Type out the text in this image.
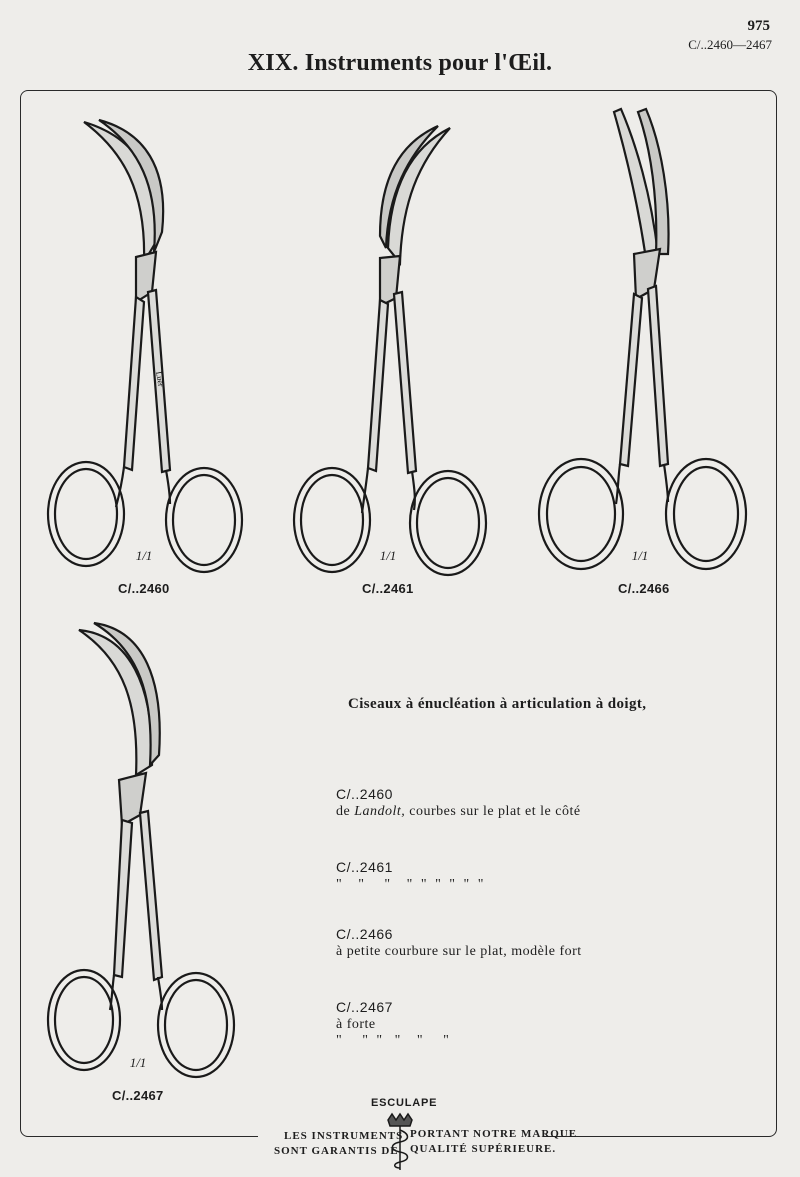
975
C/..2460—2467
XIX. Instruments pour l'Œil.
Luër
1/1
C/..2460
1/1
C/..2461
1/1
C/..2466
1/1
C/..2467
Ciseaux à énucléation à articulation à doigt,

C/..2460
de Landolt, courbes sur le plat et le côté

C/..2461
"    "     "    "  "  "  "  "  "

C/..2466
à petite courbure sur le plat, modèle fort

C/..2467
à forte
"     "  "   "    "     "

ESCULAPE
LES INSTRUMENTS
SONT GARANTIS DE
PORTANT NOTRE MARQUE
QUALITÉ SUPÉRIEURE.
